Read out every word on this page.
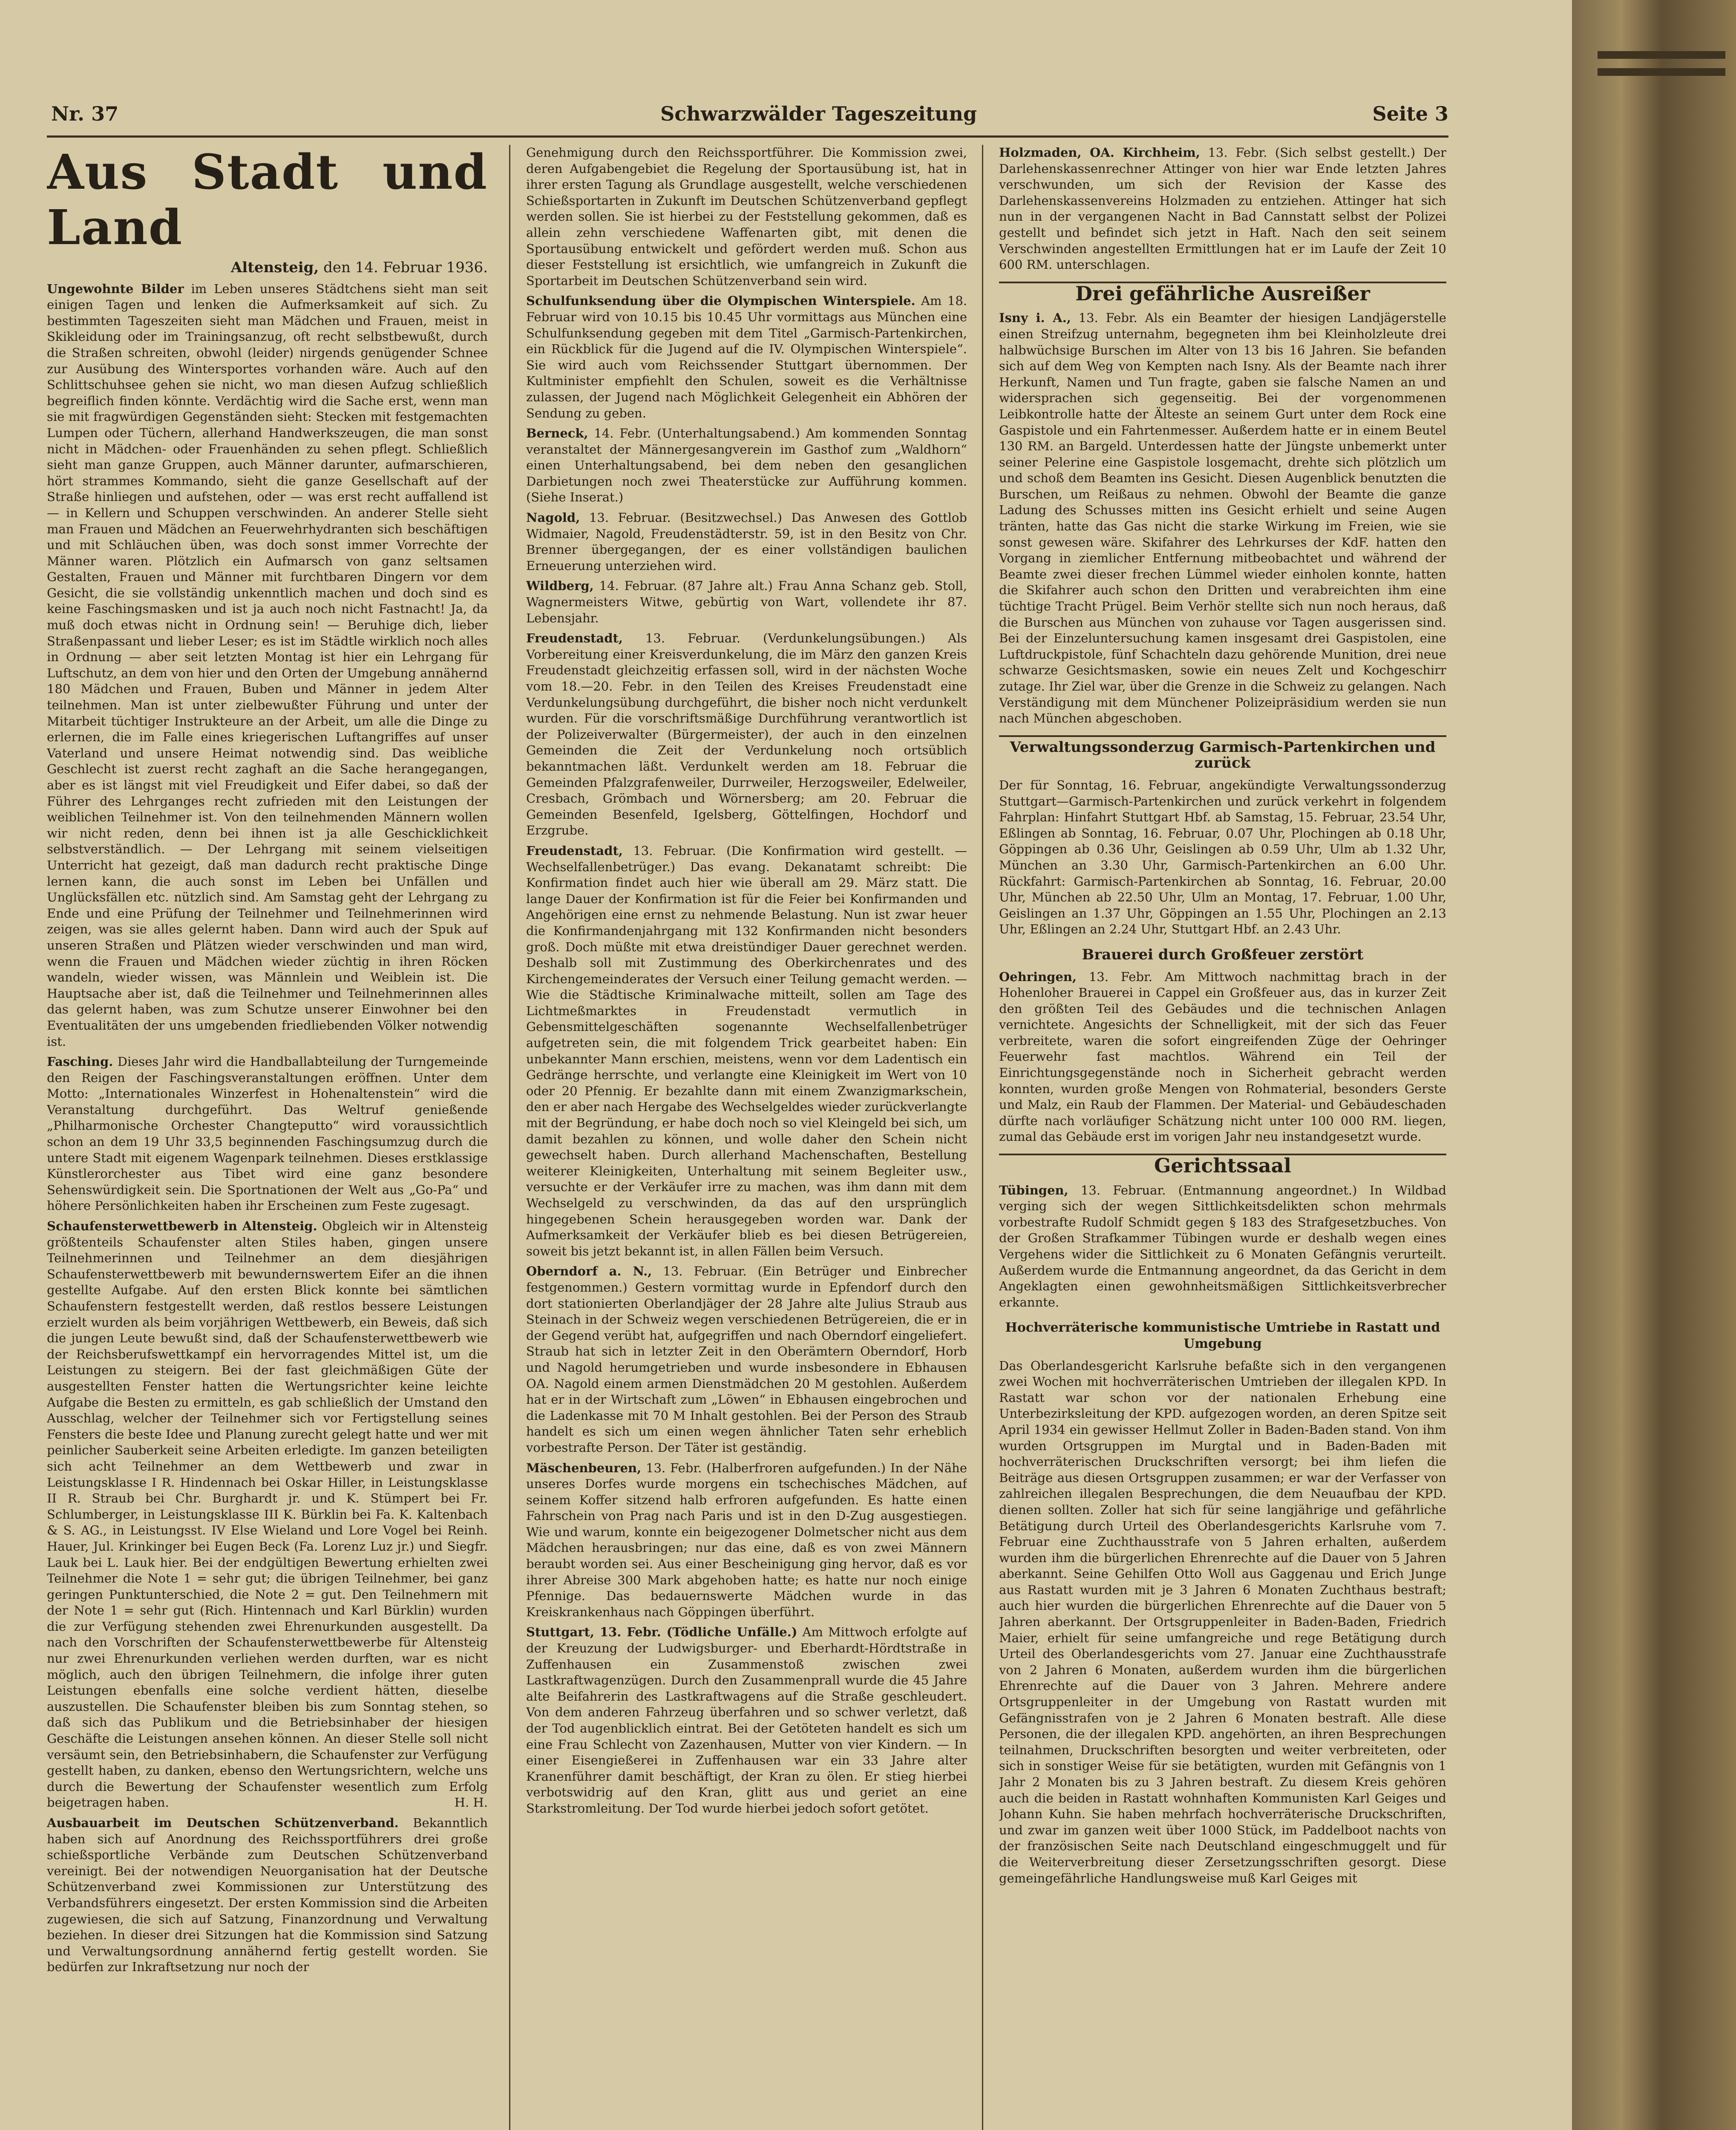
Nr. 37	Schwarzwälder Tageszeitung	Seite 3
Aus Stadt und Land
Altensteig, den 14. Februar 1936.

Ungewohnte Bilder im Leben unseres Städtchens sieht man seit einigen Tagen und lenken die Aufmerksamkeit auf sich. Zu bestimmten Tageszeiten sieht man Mädchen und Frauen, meist in Skikleidung oder im Trainingsanzug, oft recht selbstbewußt, durch die Straßen schreiten, obwohl (leider) nirgends genügender Schnee zur Ausübung des Wintersportes vorhanden wäre. Auch auf den Schlittschuhsee gehen sie nicht, wo man diesen Aufzug schließlich begreiflich finden könnte. Verdächtig wird die Sache erst, wenn man sie mit fragwürdigen Gegenständen sieht: Stecken mit festgemachten Lumpen oder Tüchern, allerhand Handwerkszeugen, die man sonst nicht in Mädchen- oder Frauenhänden zu sehen pflegt. Schließlich sieht man ganze Gruppen, auch Männer darunter, aufmarschieren, hört strammes Kommando, sieht die ganze Gesellschaft auf der Straße hinliegen und aufstehen, oder — was erst recht auffallend ist — in Kellern und Schuppen verschwinden. An anderer Stelle sieht man Frauen und Mädchen an Feuerwehrhydranten sich beschäftigen und mit Schläuchen üben, was doch sonst immer Vorrechte der Männer waren. Plötzlich ein Aufmarsch von ganz seltsamen Gestalten, Frauen und Männer mit furchtbaren Dingern vor dem Gesicht, die sie vollständig unkenntlich machen und doch sind es keine Faschingsmasken und ist ja auch noch nicht Fastnacht! Ja, da muß doch etwas nicht in Ordnung sein! — Beruhige dich, lieber Straßenpassant und lieber Leser; es ist im Städtle wirklich noch alles in Ordnung — aber seit letzten Montag ist hier ein Lehrgang für Luftschutz, an dem von hier und den Orten der Umgebung annähernd 180 Mädchen und Frauen, Buben und Männer in jedem Alter teilnehmen. Man ist unter zielbewußter Führung und unter der Mitarbeit tüchtiger Instrukteure an der Arbeit, um alle die Dinge zu erlernen, die im Falle eines kriegerischen Luftangriffes auf unser Vaterland und unsere Heimat notwendig sind. Das weibliche Geschlecht ist zuerst recht zaghaft an die Sache herangegangen, aber es ist längst mit viel Freudigkeit und Eifer dabei, so daß der Führer des Lehrganges recht zufrieden mit den Leistungen der weiblichen Teilnehmer ist. Von den teilnehmenden Männern wollen wir nicht reden, denn bei ihnen ist ja alle Geschicklichkeit selbstverständlich. — Der Lehrgang mit seinem vielseitigen Unterricht hat gezeigt, daß man dadurch recht praktische Dinge lernen kann, die auch sonst im Leben bei Unfällen und Unglücksfällen etc. nützlich sind. Am Samstag geht der Lehrgang zu Ende und eine Prüfung der Teilnehmer und Teilnehmerinnen wird zeigen, was sie alles gelernt haben. Dann wird auch der Spuk auf unseren Straßen und Plätzen wieder verschwinden und man wird, wenn die Frauen und Mädchen wieder züchtig in ihren Röcken wandeln, wieder wissen, was Männlein und Weiblein ist. Die Hauptsache aber ist, daß die Teilnehmer und Teilnehmerinnen alles das gelernt haben, was zum Schutze unserer Einwohner bei den Eventualitäten der uns umgebenden friedliebenden Völker notwendig ist.

Fasching. Dieses Jahr wird die Handballabteilung der Turngemeinde den Reigen der Faschingsveranstaltungen eröffnen. Unter dem Motto: „Internationales Winzerfest in Hohenaltenstein“ wird die Veranstaltung durchgeführt. Das Weltruf genießende „Philharmonische Orchester Changteputto“ wird voraussichtlich schon an dem 19 Uhr 33,5 beginnenden Faschingsumzug durch die untere Stadt mit eigenem Wagenpark teilnehmen. Dieses erstklassige Künstlerorchester aus Tibet wird eine ganz besondere Sehenswürdigkeit sein. Die Sportnationen der Welt aus „Go-Pa“ und höhere Persönlichkeiten haben ihr Erscheinen zum Feste zugesagt.

Schaufensterwettbewerb in Altensteig. Obgleich wir in Altensteig größtenteils Schaufenster alten Stiles haben, gingen unsere Teilnehmerinnen und Teilnehmer an dem diesjährigen Schaufensterwettbewerb mit bewundernswertem Eifer an die ihnen gestellte Aufgabe. Auf den ersten Blick konnte bei sämtlichen Schaufenstern festgestellt werden, daß restlos bessere Leistungen erzielt wurden als beim vorjährigen Wettbewerb, ein Beweis, daß sich die jungen Leute bewußt sind, daß der Schaufensterwettbewerb wie der Reichsberufswettkampf ein hervorragendes Mittel ist, um die Leistungen zu steigern. Bei der fast gleichmäßigen Güte der ausgestellten Fenster hatten die Wertungsrichter keine leichte Aufgabe die Besten zu ermitteln, es gab schließlich der Umstand den Ausschlag, welcher der Teilnehmer sich vor Fertigstellung seines Fensters die beste Idee und Planung zurecht gelegt hatte und wer mit peinlicher Sauberkeit seine Arbeiten erledigte. Im ganzen beteiligten sich acht Teilnehmer an dem Wettbewerb und zwar in Leistungsklasse I R. Hindennach bei Oskar Hiller, in Leistungsklasse II R. Straub bei Chr. Burghardt jr. und K. Stümpert bei Fr. Schlumberger, in Leistungsklasse III K. Bürklin bei Fa. K. Kaltenbach & S. AG., in Leistungsst. IV Else Wieland und Lore Vogel bei Reinh. Hauer, Jul. Krinkinger bei Eugen Beck (Fa. Lorenz Luz jr.) und Siegfr. Lauk bei L. Lauk hier. Bei der endgültigen Bewertung erhielten zwei Teilnehmer die Note 1 = sehr gut; die übrigen Teilnehmer, bei ganz geringen Punktunterschied, die Note 2 = gut. Den Teilnehmern mit der Note 1 = sehr gut (Rich. Hintennach und Karl Bürklin) wurden die zur Verfügung stehenden zwei Ehrenurkunden ausgestellt. Da nach den Vorschriften der Schaufensterwettbewerbe für Altensteig nur zwei Ehrenurkunden verliehen werden durften, war es nicht möglich, auch den übrigen Teilnehmern, die infolge ihrer guten Leistungen ebenfalls eine solche verdient hätten, dieselbe auszustellen. Die Schaufenster bleiben bis zum Sonntag stehen, so daß sich das Publikum und die Betriebsinhaber der hiesigen Geschäfte die Leistungen ansehen können. An dieser Stelle soll nicht versäumt sein, den Betriebsinhabern, die Schaufenster zur Verfügung gestellt haben, zu danken, ebenso den Wertungsrichtern, welche uns durch die Bewertung der Schaufenster wesentlich zum Erfolg beigetragen haben.	H. H.

Ausbauarbeit im Deutschen Schützenverband. Bekanntlich haben sich auf Anordnung des Reichssportführers drei große schießsportliche Verbände zum Deutschen Schützenverband vereinigt. Bei der notwendigen Neuorganisation hat der Deutsche Schützenverband zwei Kommissionen zur Unterstützung des Verbandsführers eingesetzt. Der ersten Kommission sind die Arbeiten zugewiesen, die sich auf Satzung, Finanzordnung und Verwaltung beziehen. In dieser drei Sitzungen hat die Kommission sind Satzung und Verwaltungsordnung annähernd fertig gestellt worden. Sie bedürfen zur Inkraftsetzung nur noch der

Genehmigung durch den Reichssportführer. Die Kommission zwei, deren Aufgabengebiet die Regelung der Sportausübung ist, hat in ihrer ersten Tagung als Grundlage ausgestellt, welche verschiedenen Schießsportarten in Zukunft im Deutschen Schützenverband gepflegt werden sollen. Sie ist hierbei zu der Feststellung gekommen, daß es allein zehn verschiedene Waffenarten gibt, mit denen die Sportausübung entwickelt und gefördert werden muß. Schon aus dieser Feststellung ist ersichtlich, wie umfangreich in Zukunft die Sportarbeit im Deutschen Schützenverband sein wird.

Schulfunksendung über die Olympischen Winterspiele. Am 18. Februar wird von 10.15 bis 10.45 Uhr vormittags aus München eine Schulfunksendung gegeben mit dem Titel „Garmisch-Partenkirchen, ein Rückblick für die Jugend auf die IV. Olympischen Winterspiele“. Sie wird auch vom Reichssender Stuttgart übernommen. Der Kultminister empfiehlt den Schulen, soweit es die Verhältnisse zulassen, der Jugend nach Möglichkeit Gelegenheit ein Abhören der Sendung zu geben.

Berneck, 14. Febr. (Unterhaltungsabend.) Am kommenden Sonntag veranstaltet der Männergesangverein im Gasthof zum „Waldhorn“ einen Unterhaltungsabend, bei dem neben den gesanglichen Darbietungen noch zwei Theaterstücke zur Aufführung kommen. (Siehe Inserat.)

Nagold, 13. Februar. (Besitzwechsel.) Das Anwesen des Gottlob Widmaier, Nagold, Freudenstädterstr. 59, ist in den Besitz von Chr. Brenner übergegangen, der es einer vollständigen baulichen Erneuerung unterziehen wird.

Wildberg, 14. Februar. (87 Jahre alt.) Frau Anna Schanz geb. Stoll, Wagnermeisters Witwe, gebürtig von Wart, vollendete ihr 87. Lebensjahr.

Freudenstadt, 13. Februar. (Verdunkelungsübungen.) Als Vorbereitung einer Kreisverdunkelung, die im März den ganzen Kreis Freudenstadt gleichzeitig erfassen soll, wird in der nächsten Woche vom 18.—20. Febr. in den Teilen des Kreises Freudenstadt eine Verdunkelungsübung durchgeführt, die bisher noch nicht verdunkelt wurden. Für die vorschriftsmäßige Durchführung verantwortlich ist der Polizeiverwalter (Bürgermeister), der auch in den einzelnen Gemeinden die Zeit der Verdunkelung noch ortsüblich bekanntmachen läßt. Verdunkelt werden am 18. Februar die Gemeinden Pfalzgrafenweiler, Durrweiler, Herzogsweiler, Edelweiler, Cresbach, Grömbach und Wörnersberg; am 20. Februar die Gemeinden Besenfeld, Igelsberg, Göttelfingen, Hochdorf und Erzgrube.

Freudenstadt, 13. Februar. (Die Konfirmation wird gestellt. — Wechselfallenbetrüger.) Das evang. Dekanatamt schreibt: Die Konfirmation findet auch hier wie überall am 29. März statt. Die lange Dauer der Konfirmation ist für die Feier bei Konfirmanden und Angehörigen eine ernst zu nehmende Belastung. Nun ist zwar heuer die Konfirmandenjahrgang mit 132 Konfirmanden nicht besonders groß. Doch müßte mit etwa dreistündiger Dauer gerechnet werden. Deshalb soll mit Zustimmung des Oberkirchenrates und des Kirchengemeinderates der Versuch einer Teilung gemacht werden. — Wie die Städtische Kriminalwache mitteilt, sollen am Tage des Lichtmeßmarktes in Freudenstadt vermutlich in Gebensmittelgeschäften sogenannte Wechselfallenbetrüger aufgetreten sein, die mit folgendem Trick gearbeitet haben: Ein unbekannter Mann erschien, meistens, wenn vor dem Ladentisch ein Gedränge herrschte, und verlangte eine Kleinigkeit im Wert von 10 oder 20 Pfennig. Er bezahlte dann mit einem Zwanzigmarkschein, den er aber nach Hergabe des Wechselgeldes wieder zurückverlangte mit der Begründung, er habe doch noch so viel Kleingeld bei sich, um damit bezahlen zu können, und wolle daher den Schein nicht gewechselt haben. Durch allerhand Machenschaften, Bestellung weiterer Kleinigkeiten, Unterhaltung mit seinem Begleiter usw., versuchte er der Verkäufer irre zu machen, was ihm dann mit dem Wechselgeld zu verschwinden, da das auf den ursprünglich hingegebenen Schein herausgegeben worden war. Dank der Aufmerksamkeit der Verkäufer blieb es bei diesen Betrügereien, soweit bis jetzt bekannt ist, in allen Fällen beim Versuch.

Oberndorf a. N., 13. Februar. (Ein Betrüger und Einbrecher festgenommen.) Gestern vormittag wurde in Epfendorf durch den dort stationierten Oberlandjäger der 28 Jahre alte Julius Straub aus Steinach in der Schweiz wegen verschiedenen Betrügereien, die er in der Gegend verübt hat, aufgegriffen und nach Oberndorf eingeliefert. Straub hat sich in letzter Zeit in den Oberämtern Oberndorf, Horb und Nagold herumgetrieben und wurde insbesondere in Ebhausen OA. Nagold einem armen Dienstmädchen 20 M gestohlen. Außerdem hat er in der Wirtschaft zum „Löwen“ in Ebhausen eingebrochen und die Ladenkasse mit 70 M Inhalt gestohlen. Bei der Person des Straub handelt es sich um einen wegen ähnlicher Taten sehr erheblich vorbestrafte Person. Der Täter ist geständig.

Mäschenbeuren, 13. Febr. (Halberfroren aufgefunden.) In der Nähe unseres Dorfes wurde morgens ein tschechisches Mädchen, auf seinem Koffer sitzend halb erfroren aufgefunden. Es hatte einen Fahrschein von Prag nach Paris und ist in den D-Zug ausgestiegen. Wie und warum, konnte ein beigezogener Dolmetscher nicht aus dem Mädchen herausbringen; nur das eine, daß es von zwei Männern beraubt worden sei. Aus einer Bescheinigung ging hervor, daß es vor ihrer Abreise 300 Mark abgehoben hatte; es hatte nur noch einige Pfennige. Das bedauernswerte Mädchen wurde in das Kreiskrankenhaus nach Göppingen überführt.

Stuttgart, 13. Febr. (Tödliche Unfälle.) Am Mittwoch erfolgte auf der Kreuzung der Ludwigsburger- und Eberhardt-Hördtstraße in Zuffenhausen ein Zusammenstoß zwischen zwei Lastkraftwagenzügen. Durch den Zusammenprall wurde die 45 Jahre alte Beifahrerin des Lastkraftwagens auf die Straße geschleudert. Von dem anderen Fahrzeug überfahren und so schwer verletzt, daß der Tod augenblicklich eintrat. Bei der Getöteten handelt es sich um eine Frau Schlecht von Zazenhausen, Mutter von vier Kindern. — In einer Eisengießerei in Zuffenhausen war ein 33 Jahre alter Kranenführer damit beschäftigt, der Kran zu ölen. Er stieg hierbei verbotswidrig auf den Kran, glitt aus und geriet an eine Starkstromleitung. Der Tod wurde hierbei jedoch sofort getötet.

Holzmaden, OA. Kirchheim, 13. Febr. (Sich selbst gestellt.) Der Darlehenskassenrechner Attinger von hier war Ende letzten Jahres verschwunden, um sich der Revision der Kasse des Darlehenskassenvereins Holzmaden zu entziehen. Attinger hat sich nun in der vergangenen Nacht in Bad Cannstatt selbst der Polizei gestellt und befindet sich jetzt in Haft. Nach den seit seinem Verschwinden angestellten Ermittlungen hat er im Laufe der Zeit 10 600 RM. unterschlagen.

Drei gefährliche Ausreißer

Isny i. A., 13. Febr. Als ein Beamter der hiesigen Landjägerstelle einen Streifzug unternahm, begegneten ihm bei Kleinholzleute drei halbwüchsige Burschen im Alter von 13 bis 16 Jahren. Sie befanden sich auf dem Weg von Kempten nach Isny. Als der Beamte nach ihrer Herkunft, Namen und Tun fragte, gaben sie falsche Namen an und widersprachen sich gegenseitig. Bei der vorgenommenen Leibkontrolle hatte der Älteste an seinem Gurt unter dem Rock eine Gaspistole und ein Fahrtenmesser. Außerdem hatte er in einem Beutel 130 RM. an Bargeld. Unterdessen hatte der Jüngste unbemerkt unter seiner Pelerine eine Gaspistole losgemacht, drehte sich plötzlich um und schoß dem Beamten ins Gesicht. Diesen Augenblick benutzten die Burschen, um Reißaus zu nehmen. Obwohl der Beamte die ganze Ladung des Schusses mitten ins Gesicht erhielt und seine Augen tränten, hatte das Gas nicht die starke Wirkung im Freien, wie sie sonst gewesen wäre. Skifahrer des Lehrkurses der KdF. hatten den Vorgang in ziemlicher Entfernung mitbeobachtet und während der Beamte zwei dieser frechen Lümmel wieder einholen konnte, hatten die Skifahrer auch schon den Dritten und verabreichten ihm eine tüchtige Tracht Prügel. Beim Verhör stellte sich nun noch heraus, daß die Burschen aus München von zuhause vor Tagen ausgerissen sind. Bei der Einzeluntersuchung kamen insgesamt drei Gaspistolen, eine Luftdruckpistole, fünf Schachteln dazu gehörende Munition, drei neue schwarze Gesichtsmasken, sowie ein neues Zelt und Kochgeschirr zutage. Ihr Ziel war, über die Grenze in die Schweiz zu gelangen. Nach Verständigung mit dem Münchener Polizeipräsidium werden sie nun nach München abgeschoben.

Verwaltungssonderzug Garmisch-Partenkirchen und zurück

Der für Sonntag, 16. Februar, angekündigte Verwaltungssonderzug Stuttgart—Garmisch-Partenkirchen und zurück verkehrt in folgendem Fahrplan: Hinfahrt Stuttgart Hbf. ab Samstag, 15. Februar, 23.54 Uhr, Eßlingen ab Sonntag, 16. Februar, 0.07 Uhr, Plochingen ab 0.18 Uhr, Göppingen ab 0.36 Uhr, Geislingen ab 0.59 Uhr, Ulm ab 1.32 Uhr, München an 3.30 Uhr, Garmisch-Partenkirchen an 6.00 Uhr. Rückfahrt: Garmisch-Partenkirchen ab Sonntag, 16. Februar, 20.00 Uhr, München ab 22.50 Uhr, Ulm an Montag, 17. Februar, 1.00 Uhr, Geislingen an 1.37 Uhr, Göppingen an 1.55 Uhr, Plochingen an 2.13 Uhr, Eßlingen an 2.24 Uhr, Stuttgart Hbf. an 2.43 Uhr.

Brauerei durch Großfeuer zerstört

Oehringen, 13. Febr. Am Mittwoch nachmittag brach in der Hohenloher Brauerei in Cappel ein Großfeuer aus, das in kurzer Zeit den größten Teil des Gebäudes und die technischen Anlagen vernichtete. Angesichts der Schnelligkeit, mit der sich das Feuer verbreitete, waren die sofort eingreifenden Züge der Oehringer Feuerwehr fast machtlos. Während ein Teil der Einrichtungsgegenstände noch in Sicherheit gebracht werden konnten, wurden große Mengen von Rohmaterial, besonders Gerste und Malz, ein Raub der Flammen. Der Material- und Gebäudeschaden dürfte nach vorläufiger Schätzung nicht unter 100 000 RM. liegen, zumal das Gebäude erst im vorigen Jahr neu instandgesetzt wurde.

Gerichtssaal

Tübingen, 13. Februar. (Entmannung angeordnet.) In Wildbad verging sich der wegen Sittlichkeitsdelikten schon mehrmals vorbestrafte Rudolf Schmidt gegen § 183 des Strafgesetzbuches. Von der Großen Strafkammer Tübingen wurde er deshalb wegen eines Vergehens wider die Sittlichkeit zu 6 Monaten Gefängnis verurteilt. Außerdem wurde die Entmannung angeordnet, da das Gericht in dem Angeklagten einen gewohnheitsmäßigen Sittlichkeitsverbrecher erkannte.

Hochverräterische kommunistische Umtriebe in Rastatt und Umgebung

Das Oberlandesgericht Karlsruhe befaßte sich in den vergangenen zwei Wochen mit hochverräterischen Umtrieben der illegalen KPD. In Rastatt war schon vor der nationalen Erhebung eine Unterbezirksleitung der KPD. aufgezogen worden, an deren Spitze seit April 1934 ein gewisser Hellmut Zoller in Baden-Baden stand. Von ihm wurden Ortsgruppen im Murgtal und in Baden-Baden mit hochverräterischen Druckschriften versorgt; bei ihm liefen die Beiträge aus diesen Ortsgruppen zusammen; er war der Verfasser von zahlreichen illegalen Besprechungen, die dem Neuaufbau der KPD. dienen sollten. Zoller hat sich für seine langjährige und gefährliche Betätigung durch Urteil des Oberlandesgerichts Karlsruhe vom 7. Februar eine Zuchthausstrafe von 5 Jahren erhalten, außerdem wurden ihm die bürgerlichen Ehrenrechte auf die Dauer von 5 Jahren aberkannt. Seine Gehilfen Otto Woll aus Gaggenau und Erich Junge aus Rastatt wurden mit je 3 Jahren 6 Monaten Zuchthaus bestraft; auch hier wurden die bürgerlichen Ehrenrechte auf die Dauer von 5 Jahren aberkannt. Der Ortsgruppenleiter in Baden-Baden, Friedrich Maier, erhielt für seine umfangreiche und rege Betätigung durch Urteil des Oberlandesgerichts vom 27. Januar eine Zuchthausstrafe von 2 Jahren 6 Monaten, außerdem wurden ihm die bürgerlichen Ehrenrechte auf die Dauer von 3 Jahren. Mehrere andere Ortsgruppenleiter in der Umgebung von Rastatt wurden mit Gefängnisstrafen von je 2 Jahren 6 Monaten bestraft. Alle diese Personen, die der illegalen KPD. angehörten, an ihren Besprechungen teilnahmen, Druckschriften besorgten und weiter verbreiteten, oder sich in sonstiger Weise für sie betätigten, wurden mit Gefängnis von 1 Jahr 2 Monaten bis zu 3 Jahren bestraft. Zu diesem Kreis gehören auch die beiden in Rastatt wohnhaften Kommunisten Karl Geiges und Johann Kuhn. Sie haben mehrfach hochverräterische Druckschriften, und zwar im ganzen weit über 1000 Stück, im Paddelboot nachts von der französischen Seite nach Deutschland eingeschmuggelt und für die Weiterverbreitung dieser Zersetzungsschriften gesorgt. Diese gemeingefährliche Handlungsweise muß Karl Geiges mit
